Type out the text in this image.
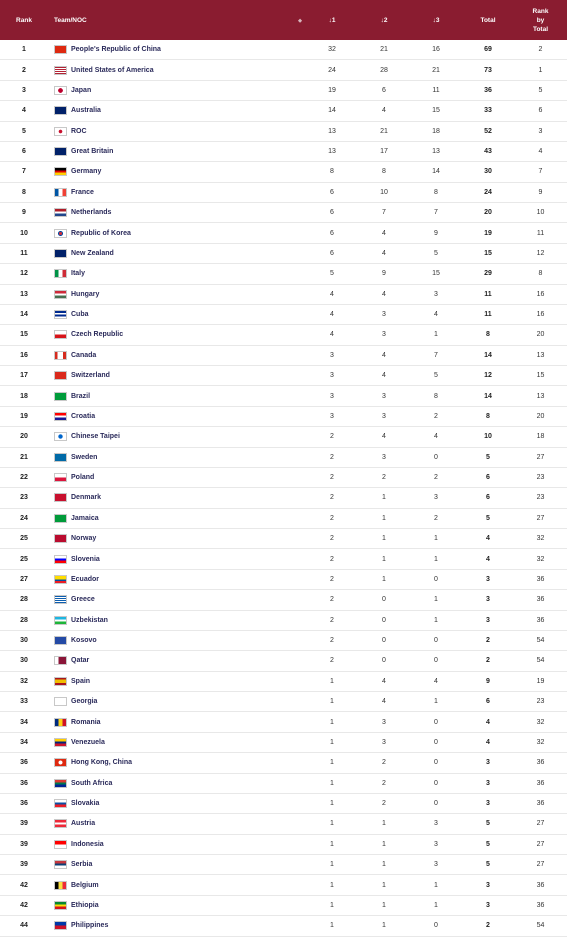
Rank	Team/NOC ◆	↓1	↓2	↓3	Total	Rank
by
Total
1	People's Republic of China	32	21	16	69	2
2	United States of America	24	28	21	73	1
3	Japan	19	6	11	36	5
4	Australia	14	4	15	33	6
5	ROC	13	21	18	52	3
6	Great Britain	13	17	13	43	4
7	Germany	8	8	14	30	7
8	France	6	10	8	24	9
9	Netherlands	6	7	7	20	10
10	Republic of Korea	6	4	9	19	11
11	New Zealand	6	4	5	15	12
12	Italy	5	9	15	29	8
13	Hungary	4	4	3	11	16
14	Cuba	4	3	4	11	16
15	Czech Republic	4	3	1	8	20
16	Canada	3	4	7	14	13
17	Switzerland	3	4	5	12	15
18	Brazil	3	3	8	14	13
19	Croatia	3	3	2	8	20
20	Chinese Taipei	2	4	4	10	18
21	Sweden	2	3	0	5	27
22	Poland	2	2	2	6	23
23	Denmark	2	1	3	6	23
24	Jamaica	2	1	2	5	27
25	Norway	2	1	1	4	32
25	Slovenia	2	1	1	4	32
27	Ecuador	2	1	0	3	36
28	Greece	2	0	1	3	36
28	Uzbekistan	2	0	1	3	36
30	Kosovo	2	0	0	2	54
30	Qatar	2	0	0	2	54
32	Spain	1	4	4	9	19
33	Georgia	1	4	1	6	23
34	Romania	1	3	0	4	32
34	Venezuela	1	3	0	4	32
36	Hong Kong, China	1	2	0	3	36
36	South Africa	1	2	0	3	36
36	Slovakia	1	2	0	3	36
39	Austria	1	1	3	5	27
39	Indonesia	1	1	3	5	27
39	Serbia	1	1	3	5	27
42	Belgium	1	1	1	3	36
42	Ethiopia	1	1	1	3	36
44	Philippines	1	1	0	2	54
